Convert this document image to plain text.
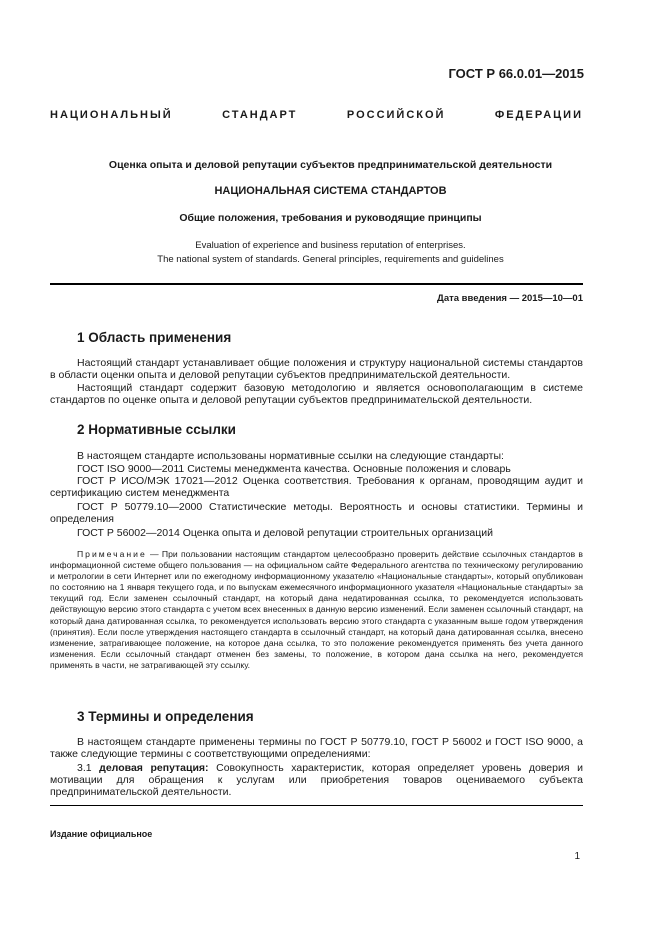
ГОСТ Р 66.0.01—2015
НАЦИОНАЛЬНЫЙ	СТАНДАРТ	РОССИЙСКОЙ	ФЕДЕРАЦИИ
Оценка опыта и деловой репутации субъектов предпринимательской деятельности
НАЦИОНАЛЬНАЯ СИСТЕМА СТАНДАРТОВ
Общие положения, требования и руководящие принципы
Evaluation of experience and business reputation of enterprises.
The national system of standards. General principles, requirements and guidelines
Дата введения — 2015—10—01
1 Область применения

Настоящий стандарт устанавливает общие положения и структуру национальной системы стандартов в области оценки опыта и деловой репутации субъектов предпринимательской деятельности.

Настоящий стандарт содержит базовую методологию и является основополагающим в системе стандартов по оценке опыта и деловой репутации субъектов предпринимательской деятельности.

2 Нормативные ссылки

В настоящем стандарте использованы нормативные ссылки на следующие стандарты:

ГОСТ ISO 9000—2011 Системы менеджмента качества. Основные положения и словарь

ГОСТ Р ИСО/МЭК 17021—2012 Оценка соответствия. Требования к органам, проводящим аудит и сертификацию систем менеджмента

ГОСТ Р 50779.10—2000 Статистические методы. Вероятность и основы статистики. Термины и определения

ГОСТ Р 56002—2014 Оценка опыта и деловой репутации строительных организаций

Примечание — При пользовании настоящим стандартом целесообразно проверить действие ссылочных стандартов в информационной системе общего пользования — на официальном сайте Федерального агентства по техническому регулированию и метрологии в сети Интернет или по ежегодному информационному указателю «Национальные стандарты», который опубликован по состоянию на 1 января текущего года, и по выпускам ежемесячного информационного указателя «Национальные стандарты» за текущий год. Если заменен ссылочный стандарт, на который дана недатированная ссылка, то рекомендуется использовать действующую версию этого стандарта с учетом всех внесенных в данную версию изменений. Если заменен ссылочный стандарт, на который дана датированная ссылка, то рекомендуется использовать версию этого стандарта с указанным выше годом утверждения (принятия). Если после утверждения настоящего стандарта в ссылочный стандарт, на который дана датированная ссылка, внесено изменение, затрагивающее положение, на которое дана ссылка, то это положение рекомендуется применять без учета данного изменения. Если ссылочный стандарт отменен без замены, то положение, в котором дана ссылка на него, рекомендуется применять в части, не затрагивающей эту ссылку.

3 Термины и определения

В настоящем стандарте применены термины по ГОСТ Р 50779.10, ГОСТ Р 56002 и ГОСТ ISO 9000, а также следующие термины с соответствующими определениями:

3.1 деловая репутация: Совокупность характеристик, которая определяет уровень доверия и мотивации для обращения к услугам или приобретения товаров оцениваемого субъекта предпринимательской деятельности.

Издание официальное
1
